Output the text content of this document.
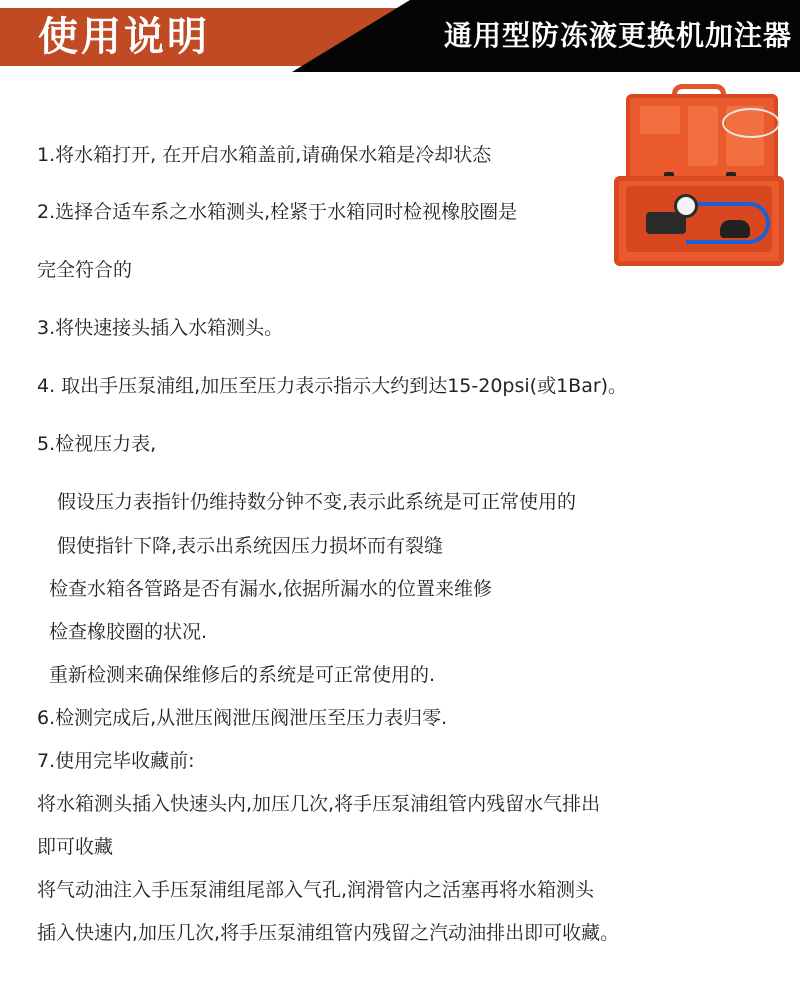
使用说明	通用型防冻液更换机加注器
1.将水箱打开, 在开启水箱盖前,请确保水箱是冷却状态
2.选择合适车系之水箱测头,栓紧于水箱同时检视橡胶圈是
完全符合的
3.将快速接头插入水箱测头。
4. 取出手压泵浦组,加压至压力表示指示大约到达15-20psi(或1Bar)。
5.检视压力表,
假设压力表指针仍维持数分钟不变,表示此系统是可正常使用的
假使指针下降,表示出系统因压力损坏而有裂缝
检查水箱各管路是否有漏水,依据所漏水的位置来维修
检查橡胶圈的状况.
重新检测来确保维修后的系统是可正常使用的.
6.检测完成后,从泄压阀泄压阀泄压至压力表归零.
7.使用完毕收藏前:
将水箱测头插入快速头内,加压几次,将手压泵浦组管内残留水气排出
即可收藏
将气动油注入手压泵浦组尾部入气孔,润滑管内之活塞再将水箱测头
插入快速内,加压几次,将手压泵浦组管内残留之汽动油排出即可收藏。
